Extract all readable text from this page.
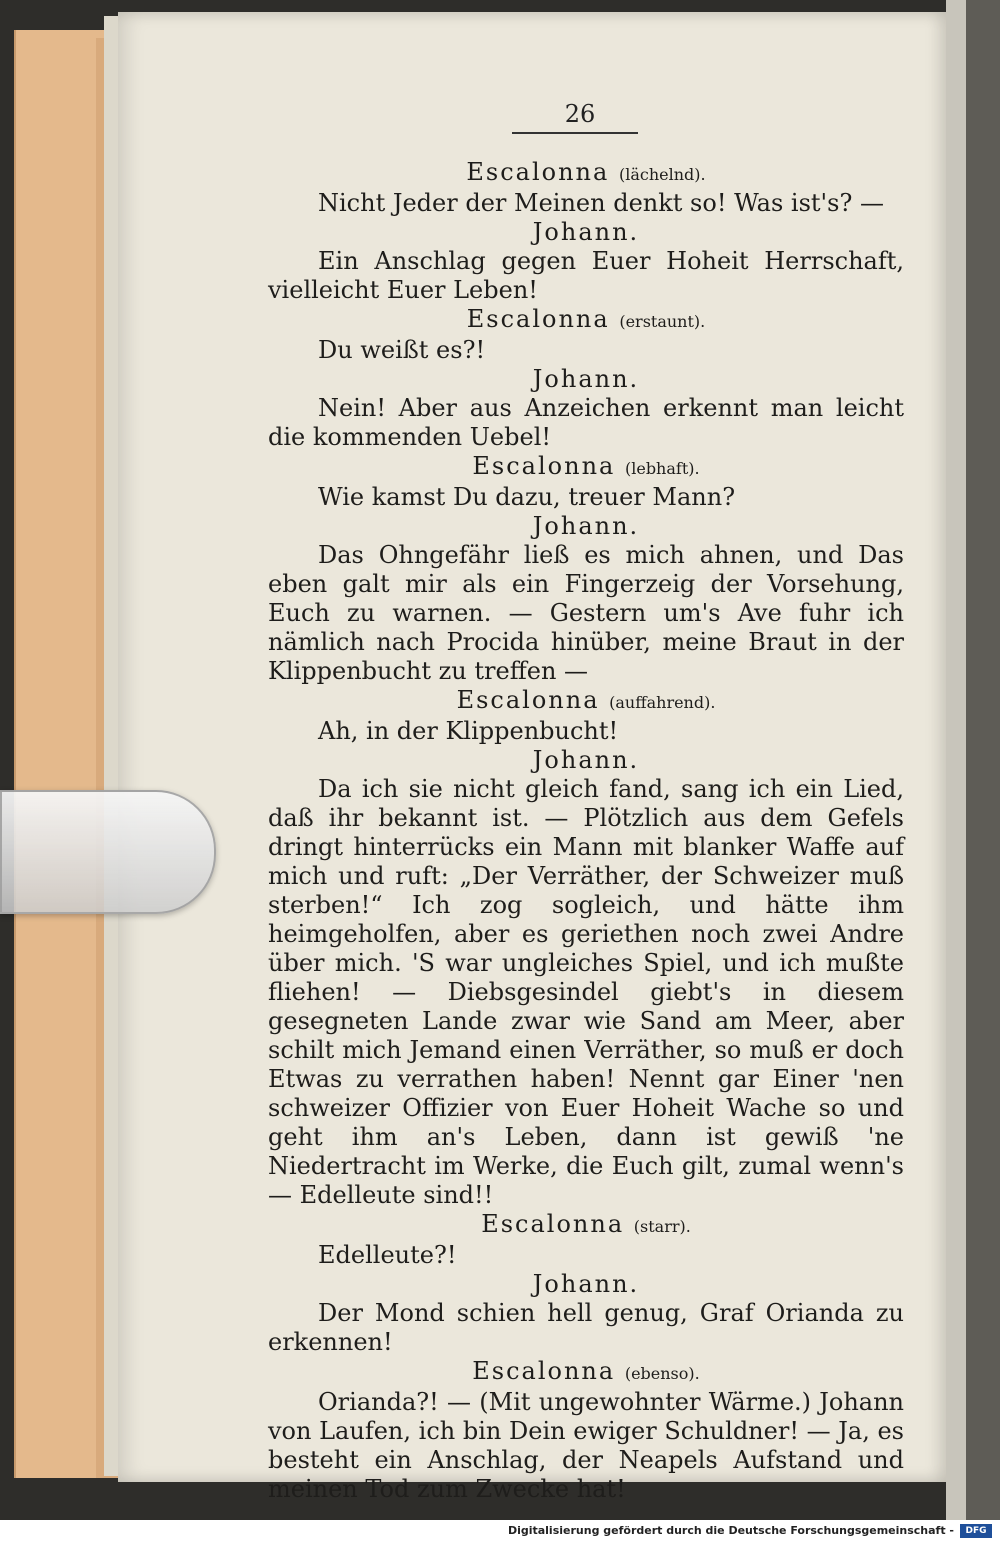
26
Escalonna (lächelnd).
Nicht Jeder der Meinen denkt so! Was ist's? —
Johann.
Ein Anschlag gegen Euer Hoheit Herrschaft, vielleicht Euer Leben!
Escalonna (erstaunt).
Du weißt es?!
Johann.
Nein! Aber aus Anzeichen erkennt man leicht die kommenden Uebel!
Escalonna (lebhaft).
Wie kamst Du dazu, treuer Mann?
Johann.
Das Ohngefähr ließ es mich ahnen, und Das eben galt mir als ein Fingerzeig der Vorsehung, Euch zu warnen. — Gestern um's Ave fuhr ich nämlich nach Procida hinüber, meine Braut in der Klippenbucht zu treffen —
Escalonna (auffahrend).
Ah, in der Klippenbucht!
Johann.
Da ich sie nicht gleich fand, sang ich ein Lied, daß ihr bekannt ist. — Plötzlich aus dem Gefels dringt hinterrücks ein Mann mit blanker Waffe auf mich und ruft: „Der Verräther, der Schweizer muß sterben!“ Ich zog sogleich, und hätte ihm heimgeholfen, aber es geriethen noch zwei Andre über mich. 'S war ungleiches Spiel, und ich mußte fliehen! — Diebsgesindel giebt's in diesem gesegneten Lande zwar wie Sand am Meer, aber schilt mich Jemand einen Verräther, so muß er doch Etwas zu verrathen haben! Nennt gar Einer 'nen schweizer Offizier von Euer Hoheit Wache so und geht ihm an's Leben, dann ist gewiß 'ne Niedertracht im Werke, die Euch gilt, zumal wenn's — Edelleute sind!!
Escalonna (starr).
Edelleute?!
Johann.
Der Mond schien hell genug, Graf Orianda zu erkennen!
Escalonna (ebenso).
Orianda?! — (Mit ungewohnter Wärme.) Johann von Laufen, ich bin Dein ewiger Schuldner! — Ja, es besteht ein Anschlag, der Neapels Aufstand und meinen Tod zum Zwecke hat!
Digitalisierung gefördert durch die Deutsche Forschungsgemeinschaft -	DFG
